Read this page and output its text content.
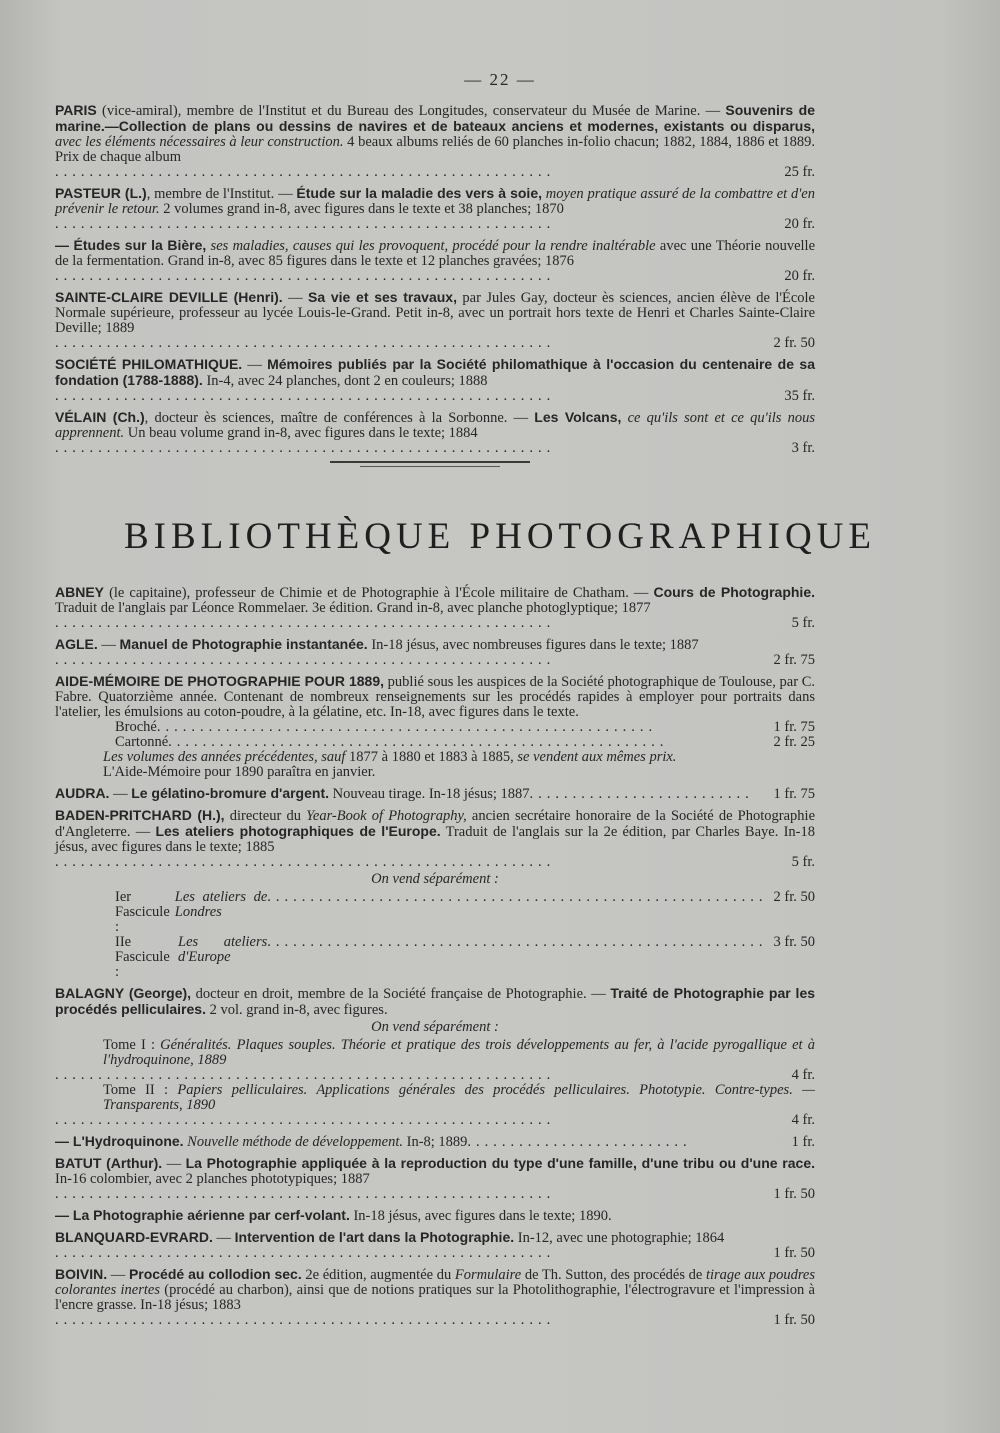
— 22 —
PARIS (vice-amiral), membre de l'Institut et du Bureau des Longitudes, conservateur du Musée de Marine. — Souvenirs de marine.—Collection de plans ou dessins de navires et de bateaux anciens et modernes, existants ou disparus, avec les éléments nécessaires à leur construction. 4 beaux albums reliés de 60 planches in-folio chacun; 1882, 1884, 1886 et 1889. Prix de chaque album
..........................................................	25 fr.
PASTEUR (L.), membre de l'Institut. — Étude sur la maladie des vers à soie, moyen pratique assuré de la combattre et d'en prévenir le retour. 2 volumes grand in-8, avec figures dans le texte et 38 planches; 1870
..........................................................	20 fr.
— Études sur la Bière, ses maladies, causes qui les provoquent, procédé pour la rendre inaltérable avec une Théorie nouvelle de la fermentation. Grand in-8, avec 85 figures dans le texte et 12 planches gravées; 1876
..........................................................	20 fr.
SAINTE-CLAIRE DEVILLE (Henri). — Sa vie et ses travaux, par Jules Gay, docteur ès sciences, ancien élève de l'École Normale supérieure, professeur au lycée Louis-le-Grand. Petit in-8, avec un portrait hors texte de Henri et Charles Sainte-Claire Deville; 1889
..........................................................	2 fr. 50
SOCIÉTÉ PHILOMATHIQUE. — Mémoires publiés par la Société philomathique à l'occasion du centenaire de sa fondation (1788-1888). In-4, avec 24 planches, dont 2 en couleurs; 1888
..........................................................	35 fr.
VÉLAIN (Ch.), docteur ès sciences, maître de conférences à la Sorbonne. — Les Volcans, ce qu'ils sont et ce qu'ils nous apprennent. Un beau volume grand in-8, avec figures dans le texte; 1884
..........................................................	3 fr.
BIBLIOTHÈQUE PHOTOGRAPHIQUE
ABNEY (le capitaine), professeur de Chimie et de Photographie à l'École militaire de Chatham. — Cours de Photographie. Traduit de l'anglais par Léonce Rommelaer. 3e édition. Grand in-8, avec planche photoglyptique; 1877
..........................................................	5 fr.
AGLE. — Manuel de Photographie instantanée. In-18 jésus, avec nombreuses figures dans le texte; 1887
..........................................................	2 fr. 75
AIDE-MÉMOIRE DE PHOTOGRAPHIE POUR 1889, publié sous les auspices de la Société photographique de Toulouse, par C. Fabre. Quatorzième année. Contenant de nombreux renseignements sur les procédés rapides à employer pour portraits dans l'atelier, les émulsions au coton-poudre, à la gélatine, etc. In-18, avec figures dans le texte.
Broché ..........................................................	1 fr. 75
Cartonné ..........................................................	2 fr. 25
Les volumes des années précédentes, sauf 1877 à 1880 et 1883 à 1885, se vendent aux mêmes prix.
L'Aide-Mémoire pour 1890 paraîtra en janvier.
AUDRA. — Le gélatino-bromure d'argent. Nouveau tirage. In-18 jésus; 1887 ..........................	1 fr. 75
BADEN-PRITCHARD (H.), directeur du Year-Book of Photography, ancien secrétaire honoraire de la Société de Photographie d'Angleterre. — Les ateliers photographiques de l'Europe. Traduit de l'anglais sur la 2e édition, par Charles Baye. In-18 jésus, avec figures dans le texte; 1885
..........................................................	5 fr.
On vend séparément :
Ier Fascicule :

Les ateliers de Londres
.......................................................... 2 fr. 50
IIe Fascicule :

Les ateliers d'Europe
.......................................................... 3 fr. 50
BALAGNY (George), docteur en droit, membre de la Société française de Photographie. — Traité de Photographie par les procédés pelliculaires. 2 vol. grand in-8, avec figures.
On vend séparément :
Tome I : Généralités. Plaques souples. Théorie et pratique des trois développements au fer, à l'acide pyrogallique et à l'hydroquinone, 1889
..........................................................	4 fr.
Tome II : Papiers pelliculaires. Applications générales des procédés pelliculaires. Phototypie. Contre-types. — Transparents, 1890
..........................................................	4 fr.
— L'Hydroquinone. Nouvelle méthode de développement. In-8; 1889 ..........................	1 fr.
BATUT (Arthur). — La Photographie appliquée à la reproduction du type d'une famille, d'une tribu ou d'une race. In-16 colombier, avec 2 planches phototypiques; 1887
..........................................................	1 fr. 50
— La Photographie aérienne par cerf-volant. In-18 jésus, avec figures dans le texte; 1890.
BLANQUARD-EVRARD. — Intervention de l'art dans la Photographie. In-12, avec une photographie; 1864
..........................................................	1 fr. 50
BOIVIN. — Procédé au collodion sec. 2e édition, augmentée du Formulaire de Th. Sutton, des procédés de tirage aux poudres colorantes inertes (procédé au charbon), ainsi que de notions pratiques sur la Photolithographie, l'électrogravure et l'impression à l'encre grasse. In-18 jésus; 1883
..........................................................	1 fr. 50
